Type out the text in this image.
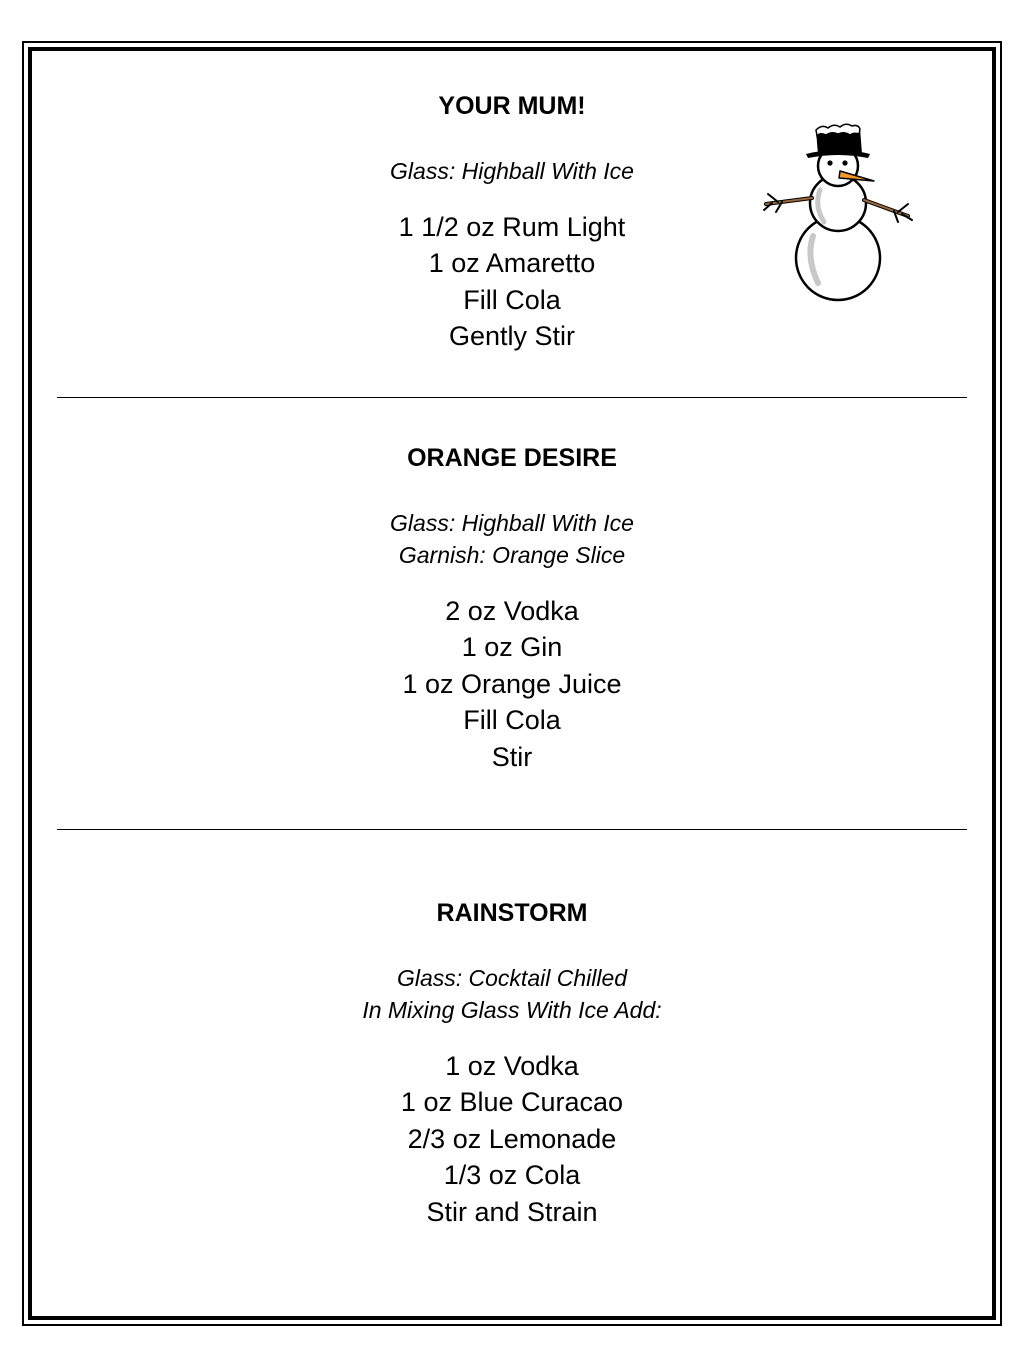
YOUR MUM!

Glass: Highball With Ice

1 1/2 oz Rum Light

1 oz Amaretto

Fill Cola

Gently Stir

ORANGE DESIRE

Glass: Highball With Ice

Garnish: Orange Slice

2 oz Vodka

1 oz Gin

1 oz Orange Juice

Fill Cola

Stir

RAINSTORM

Glass: Cocktail Chilled

In Mixing Glass With Ice Add:

1 oz Vodka

1 oz Blue Curacao

2/3 oz Lemonade

1/3 oz Cola

Stir and Strain
